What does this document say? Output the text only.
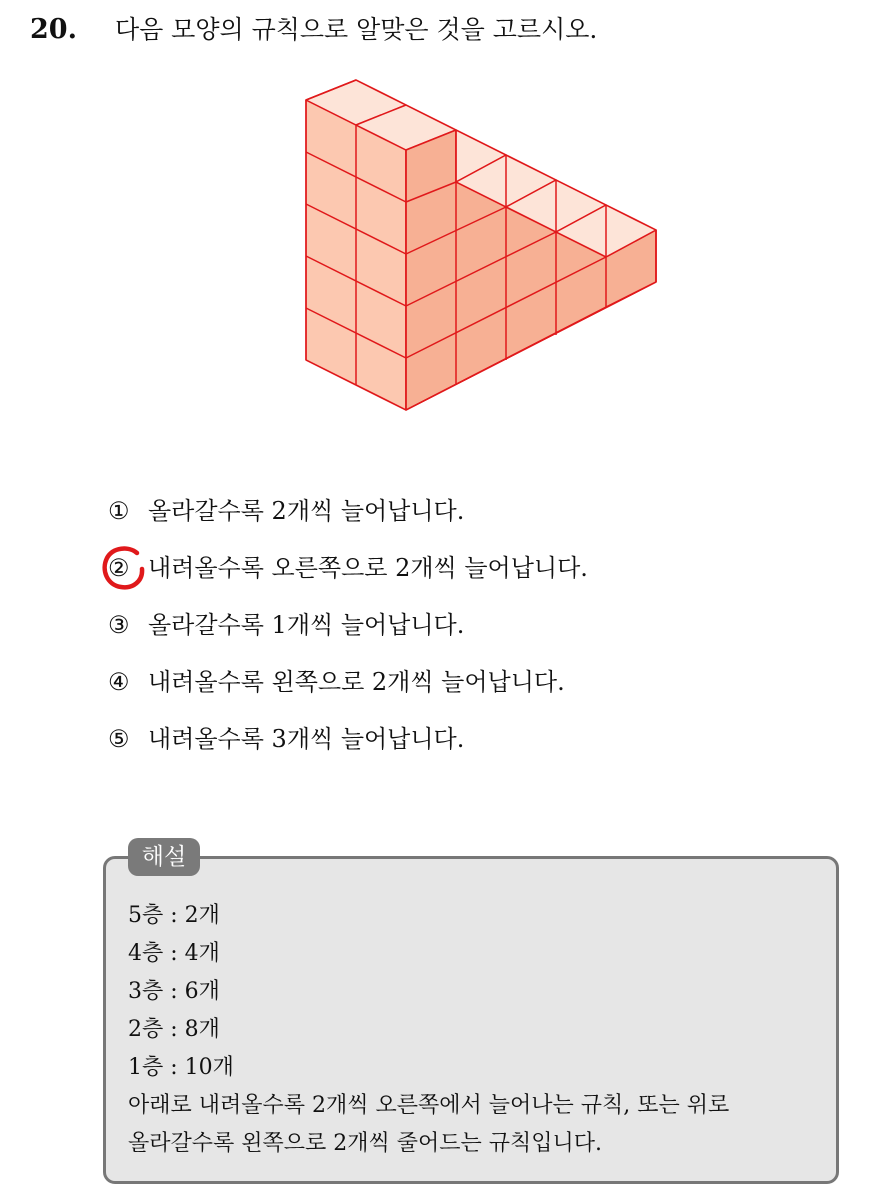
20. 다음 모양의 규칙으로 알맞은 것을 고르시오.
① 올라갈수록 2개씩 늘어납니다.
② 내려올수록 오른쪽으로 2개씩 늘어납니다.
③ 올라갈수록 1개씩 늘어납니다.
④ 내려올수록 왼쪽으로 2개씩 늘어납니다.
⑤ 내려올수록 3개씩 늘어납니다.
해설
5층 : 2개
4층 : 4개
3층 : 6개
2층 : 8개
1층 : 10개
아래로 내려올수록 2개씩 오른쪽에서 늘어나는 규칙, 또는 위로
올라갈수록 왼쪽으로 2개씩 줄어드는 규칙입니다.
